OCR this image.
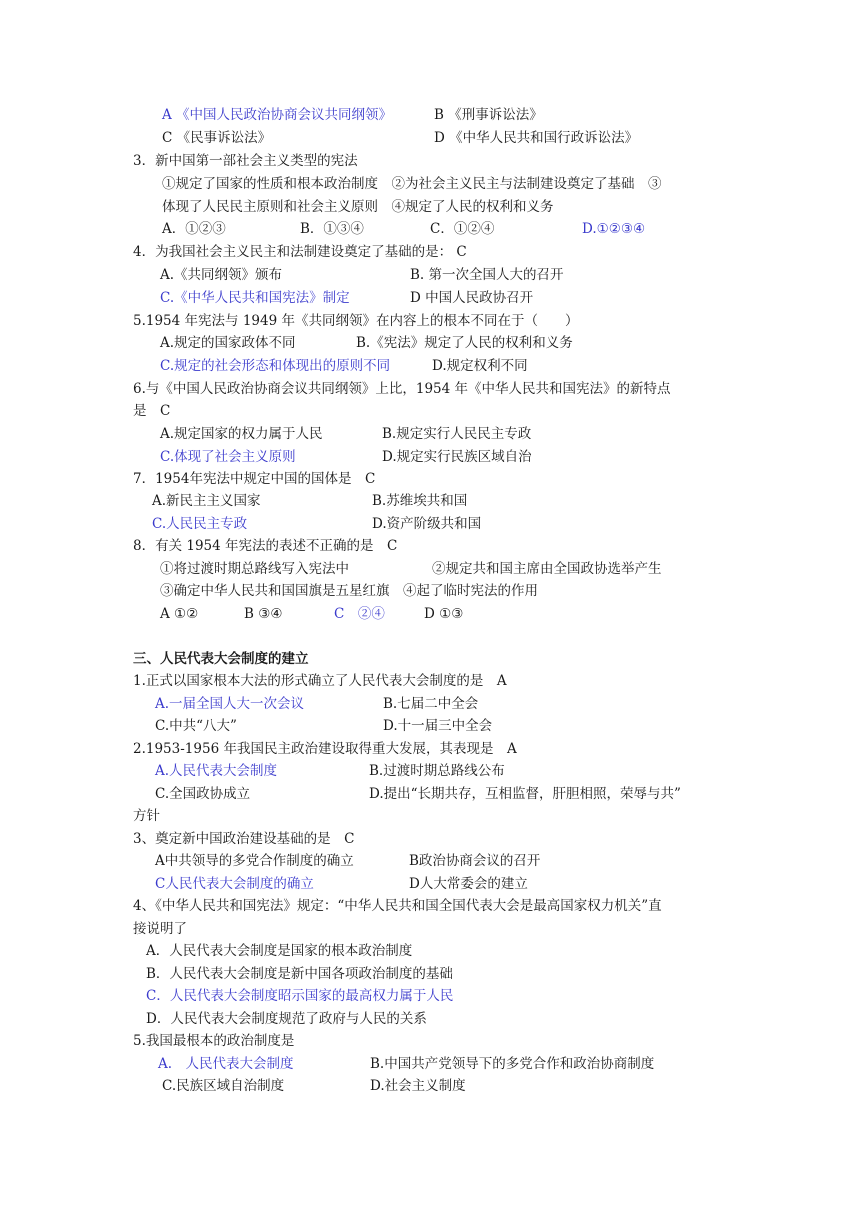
A 《中国人民政治协商会议共同纲领》	B 《刑事诉讼法》
C 《民事诉讼法》	D 《中华人民共和国行政诉讼法》
3．新中国第一部社会主义类型的宪法
①规定了国家的性质和根本政治制度　②为社会主义民主与法制建设奠定了基础　③
体现了人民民主原则和社会主义原则　④规定了人民的权利和义务
A．①②③	B．①③④	C．①②④	D.①②③④
4．为我国社会主义民主和法制建设奠定了基础的是： C
A.《共同纲领》颁布	B. 第一次全国人大的召开
C.《中华人民共和国宪法》制定	D 中国人民政协召开
5.1954 年宪法与 1949 年《共同纲领》在内容上的根本不同在于（　　）
A.规定的国家政体不同	B.《宪法》规定了人民的权利和义务
C.规定的社会形态和体现出的原则不同	D.规定权利不同
6.与《中国人民政治协商会议共同纲领》上比，1954 年《中华人民共和国宪法》的新特点
是　C
A.规定国家的权力属于人民	B.规定实行人民民主专政
C.体现了社会主义原则	D.规定实行民族区域自治
7．1954年宪法中规定中国的国体是　C
A.新民主主义国家	B.苏维埃共和国
C.人民民主专政	D.资产阶级共和国
8．有关 1954 年宪法的表述不正确的是　C
①将过渡时期总路线写入宪法中	②规定共和国主席由全国政协选举产生
③确定中华人民共和国国旗是五星红旗　④起了临时宪法的作用
A ①②	B ③④	C　②④	D ①③
三、人民代表大会制度的建立
1.正式以国家根本大法的形式确立了人民代表大会制度的是　A
A.一届全国人大一次会议	B.七届二中全会
C.中共“八大”	D.十一届三中全会
2.1953-1956 年我国民主政治建设取得重大发展，其表现是　A
A.人民代表大会制度	B.过渡时期总路线公布
C.全国政协成立	D.提出“长期共存，互相监督，肝胆相照，荣辱与共”
方针
3、奠定新中国政治建设基础的是　C
A中共领导的多党合作制度的确立	B政治协商会议的召开
C人民代表大会制度的确立	D人大常委会的建立
4、《中华人民共和国宪法》规定：“中华人民共和国全国代表大会是最高国家权力机关”直
接说明了
A．人民代表大会制度是国家的根本政治制度
B．人民代表大会制度是新中国各项政治制度的基础
C．人民代表大会制度昭示国家的最高权力属于人民
D．人民代表大会制度规范了政府与人民的关系
5.我国最根本的政治制度是
A.　人民代表大会制度	B.中国共产党领导下的多党合作和政治协商制度
C.民族区域自治制度	D.社会主义制度
